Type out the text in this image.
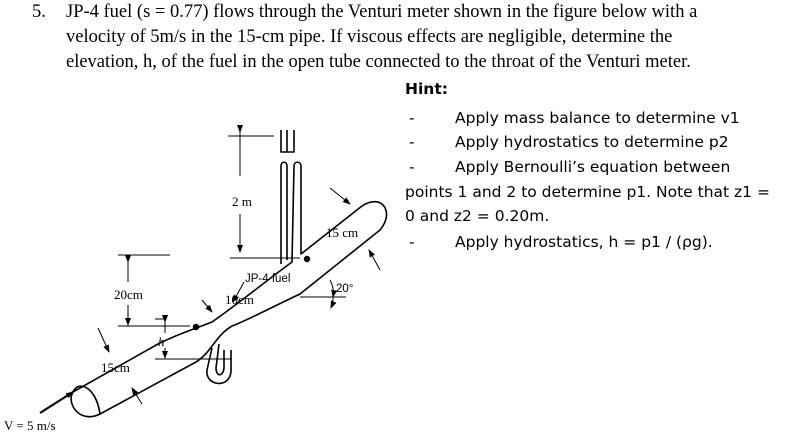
5. JP-4 fuel (s = 0.77) flows through the Venturi meter shown in the figure below with a
velocity of 5m/s in the 15-cm pipe. If viscous effects are negligible, determine the
elevation, h, of the fuel in the open tube connected to the throat of the Venturi meter.
Hint:
-	Apply mass balance to determine v1
-	Apply hydrostatics to determine p2
-	Apply Bernoulli’s equation between
points 1 and 2 to determine p1. Note that z1 =
0 and z2 = 0.20m.
-	Apply hydrostatics, h = p1 / (ρg).
2 m
15 cm
JP-4 fuel
20°
10cm
20cm
h
15cm
V = 5 m/s
